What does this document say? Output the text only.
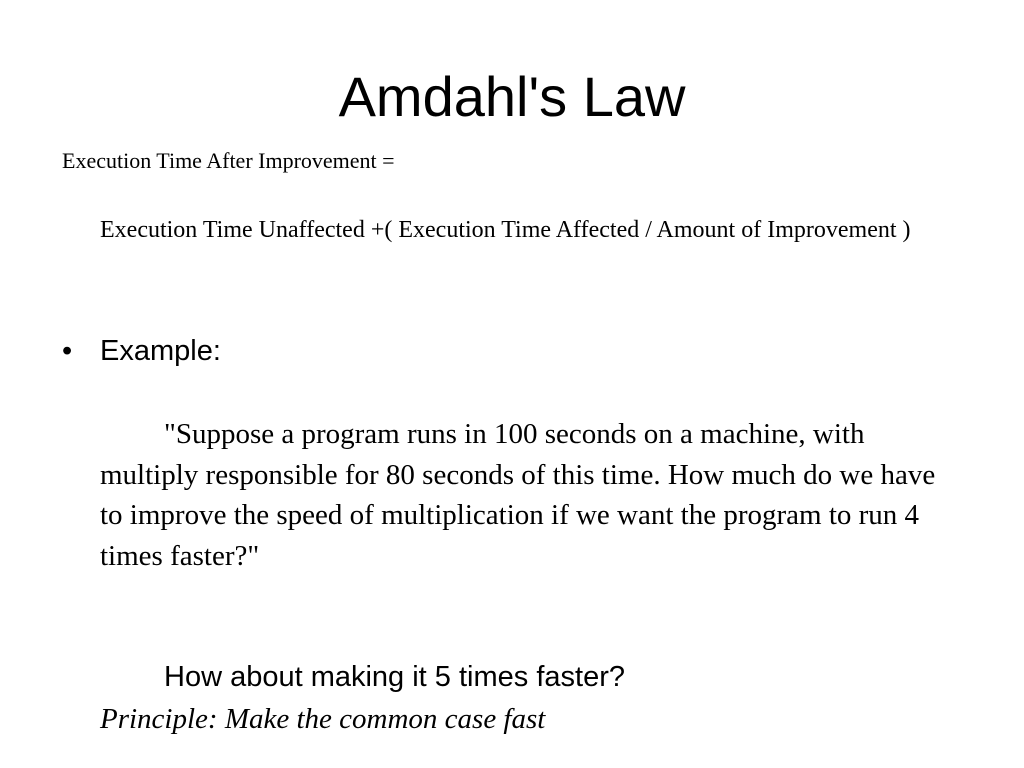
Amdahl's Law
Execution Time After Improvement =
Execution Time Unaffected +( Execution Time Affected / Amount of Improvement )
• Example:
"Suppose a program runs in 100 seconds on a machine, with
multiply responsible for 80 seconds of this time. How much do we have to improve the speed of multiplication if we want the program to run 4 times faster?"
How about making it 5 times faster?
Principle: Make the common case fast
